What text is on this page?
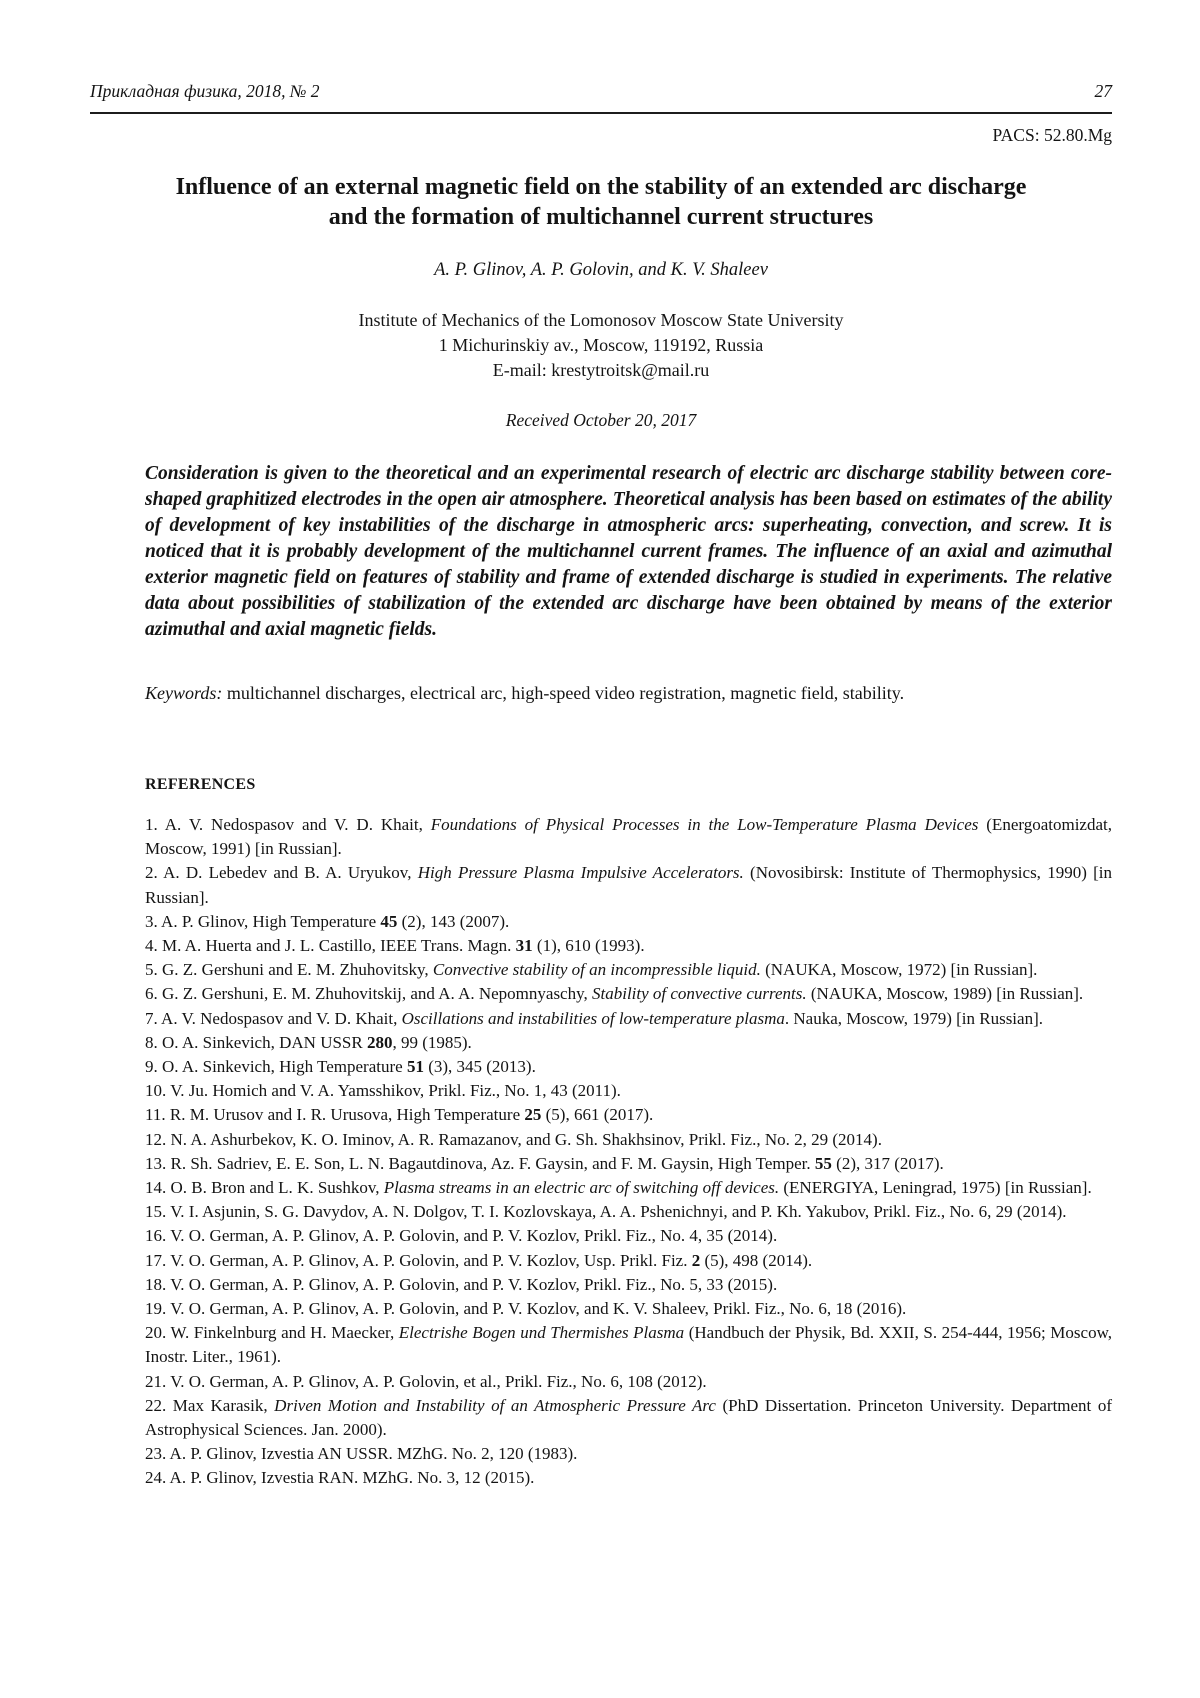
Прикладная физика, 2018, № 2	27
PACS: 52.80.Mg
Influence of an external magnetic field on the stability of an extended arc discharge
and the formation of multichannel current structures
A. P. Glinov, A. P. Golovin, and K. V. Shaleev
Institute of Mechanics of the Lomonosov Moscow State University
1 Michurinskiy av., Moscow, 119192, Russia
E-mail: krestytroitsk@mail.ru
Received October 20, 2017

Consideration is given to the theoretical and an experimental research of electric arc discharge stability between core-shaped graphitized electrodes in the open air atmosphere. Theoretical analysis has been based on estimates of the ability of development of key instabilities of the discharge in atmospheric arcs: superheating, convection, and screw. It is noticed that it is probably development of the multichannel current frames. The influence of an axial and azimuthal exterior magnetic field on features of stability and frame of extended discharge is studied in experiments. The relative data about possibilities of stabilization of the extended arc discharge have been obtained by means of the exterior azimuthal and axial magnetic fields.

Keywords: multichannel discharges, electrical arc, high-speed video registration, magnetic field, stability.

REFERENCES

1. A. V. Nedospasov and V. D. Khait, Foundations of Physical Processes in the Low-Temperature Plasma Devices (Energoatomizdat, Moscow, 1991) [in Russian].

2. A. D. Lebedev and B. A. Uryukov, High Pressure Plasma Impulsive Accelerators. (Novosibirsk: Institute of Thermophysics, 1990) [in Russian].

3. A. P. Glinov, High Temperature 45 (2), 143 (2007).

4. M. A. Huerta and J. L. Castillo, IEEE Trans. Magn. 31 (1), 610 (1993).

5. G. Z. Gershuni and E. M. Zhuhovitsky, Convective stability of an incompressible liquid. (NAUKA, Moscow, 1972) [in Russian].

6. G. Z. Gershuni, E. M. Zhuhovitskij, and A. A. Nepomnyaschy, Stability of convective currents. (NAUKA, Moscow, 1989) [in Russian].

7. A. V. Nedospasov and V. D. Khait, Oscillations and instabilities of low-temperature plasma. Nauka, Moscow, 1979) [in Russian].

8. O. A. Sinkevich, DAN USSR 280, 99 (1985).

9. O. A. Sinkevich, High Temperature 51 (3), 345 (2013).

10. V. Ju. Homich and V. A. Yamsshikov, Prikl. Fiz., No. 1, 43 (2011).

11. R. M. Urusov and I. R. Urusova, High Temperature 25 (5), 661 (2017).

12. N. A. Ashurbekov, K. O. Iminov, A. R. Ramazanov, and G. Sh. Shakhsinov, Prikl. Fiz., No. 2, 29 (2014).

13. R. Sh. Sadriev, E. E. Son, L. N. Bagautdinova, Az. F. Gaysin, and F. M. Gaysin, High Temper. 55 (2), 317 (2017).

14. O. B. Bron and L. K. Sushkov, Plasma streams in an electric arc of switching off devices. (ENERGIYA, Leningrad, 1975) [in Russian].

15. V. I. Asjunin, S. G. Davydov, A. N. Dolgov, T. I. Kozlovskaya, A. A. Pshenichnyi, and P. Kh. Yakubov, Prikl. Fiz., No. 6, 29 (2014).

16. V. O. German, A. P. Glinov, A. P. Golovin, and P. V. Kozlov, Prikl. Fiz., No. 4, 35 (2014).

17. V. O. German, A. P. Glinov, A. P. Golovin, and P. V. Kozlov, Usp. Prikl. Fiz. 2 (5), 498 (2014).

18. V. O. German, A. P. Glinov, A. P. Golovin, and P. V. Kozlov, Prikl. Fiz., No. 5, 33 (2015).

19. V. O. German, A. P. Glinov, A. P. Golovin, and P. V. Kozlov, and K. V. Shaleev, Prikl. Fiz., No. 6, 18 (2016).

20. W. Finkelnburg and H. Maecker, Electrishe Bogen und Thermishes Plasma (Handbuch der Physik, Bd. XXII, S. 254-444, 1956; Moscow, Inostr. Liter., 1961).

21. V. O. German, A. P. Glinov, A. P. Golovin, et al., Prikl. Fiz., No. 6, 108 (2012).

22. Max Karasik, Driven Motion and Instability of an Atmospheric Pressure Arc (PhD Dissertation. Princeton University. Department of Astrophysical Sciences. Jan. 2000).

23. A. P. Glinov, Izvestia AN USSR. MZhG. No. 2, 120 (1983).

24. A. P. Glinov, Izvestia RAN. MZhG. No. 3, 12 (2015).
